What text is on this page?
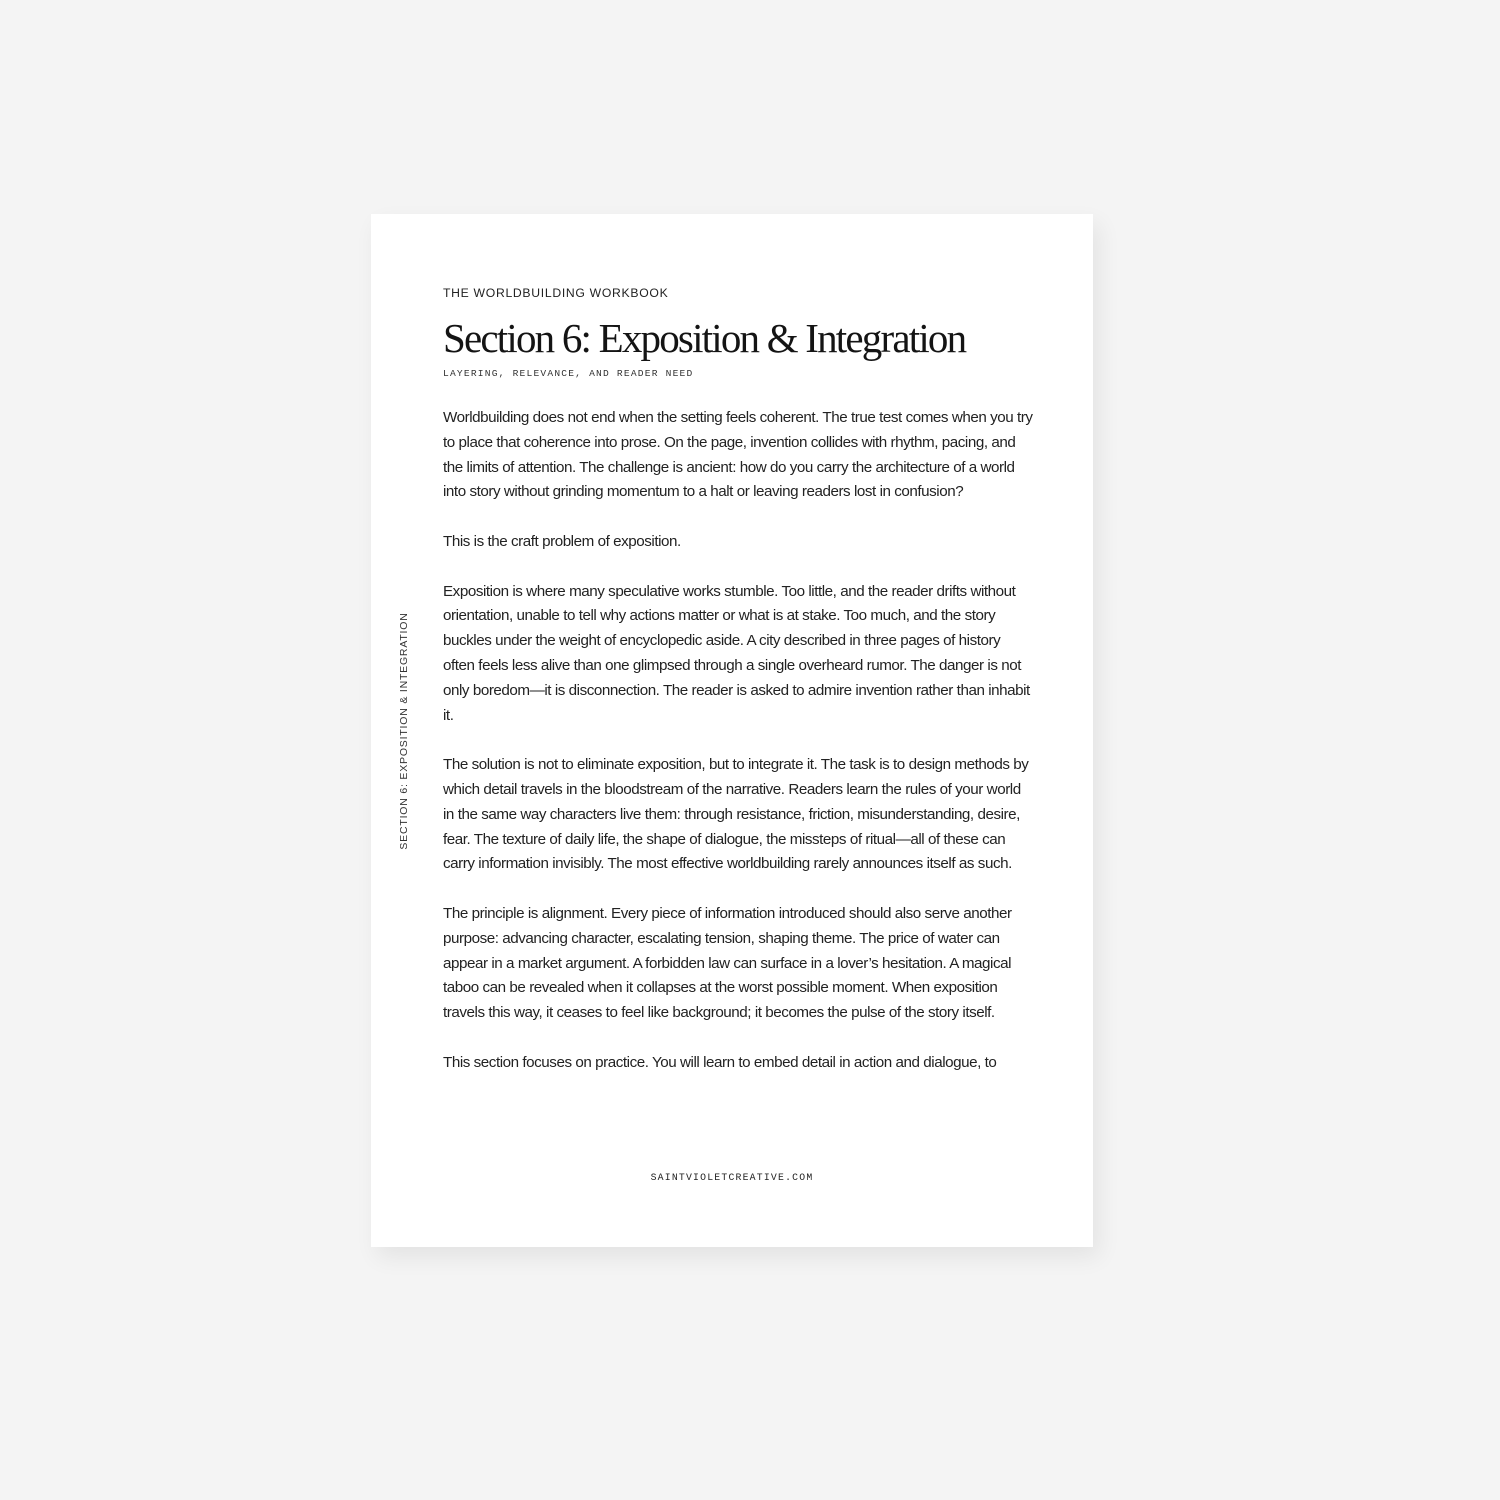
SECTION 6: EXPOSITION & INTEGRATION
THE WORLDBUILDING WORKBOOK
Section 6: Exposition & Integration
LAYERING, RELEVANCE, AND READER NEED

Worldbuilding does not end when the setting feels coherent. The true test comes when you try to place that coherence into prose. On the page, invention collides with rhythm, pacing, and the limits of attention. The challenge is ancient: how do you carry the architecture of a world into story without grinding momentum to a halt or leaving readers lost in confusion?

This is the craft problem of exposition.

Exposition is where many speculative works stumble. Too little, and the reader drifts without orientation, unable to tell why actions matter or what is at stake. Too much, and the story buckles under the weight of encyclopedic aside. A city described in three pages of history often feels less alive than one glimpsed through a single overheard rumor. The danger is not only boredom—it is disconnection. The reader is asked to admire invention rather than inhabit it.

The solution is not to eliminate exposition, but to integrate it. The task is to design methods by which detail travels in the bloodstream of the narrative. Readers learn the rules of your world in the same way characters live them: through resistance, friction, misunderstanding, desire, fear. The texture of daily life, the shape of dialogue, the missteps of ritual—all of these can carry information invisibly. The most effective worldbuilding rarely announces itself as such.

The principle is alignment. Every piece of information introduced should also serve another purpose: advancing character, escalating tension, shaping theme. The price of water can appear in a market argument. A forbidden law can surface in a lover’s hesitation. A magical taboo can be revealed when it collapses at the worst possible moment. When exposition travels this way, it ceases to feel like background; it becomes the pulse of the story itself.

This section focuses on practice. You will learn to embed detail in action and dialogue, to

SAINTVIOLETCREATIVE.COM
